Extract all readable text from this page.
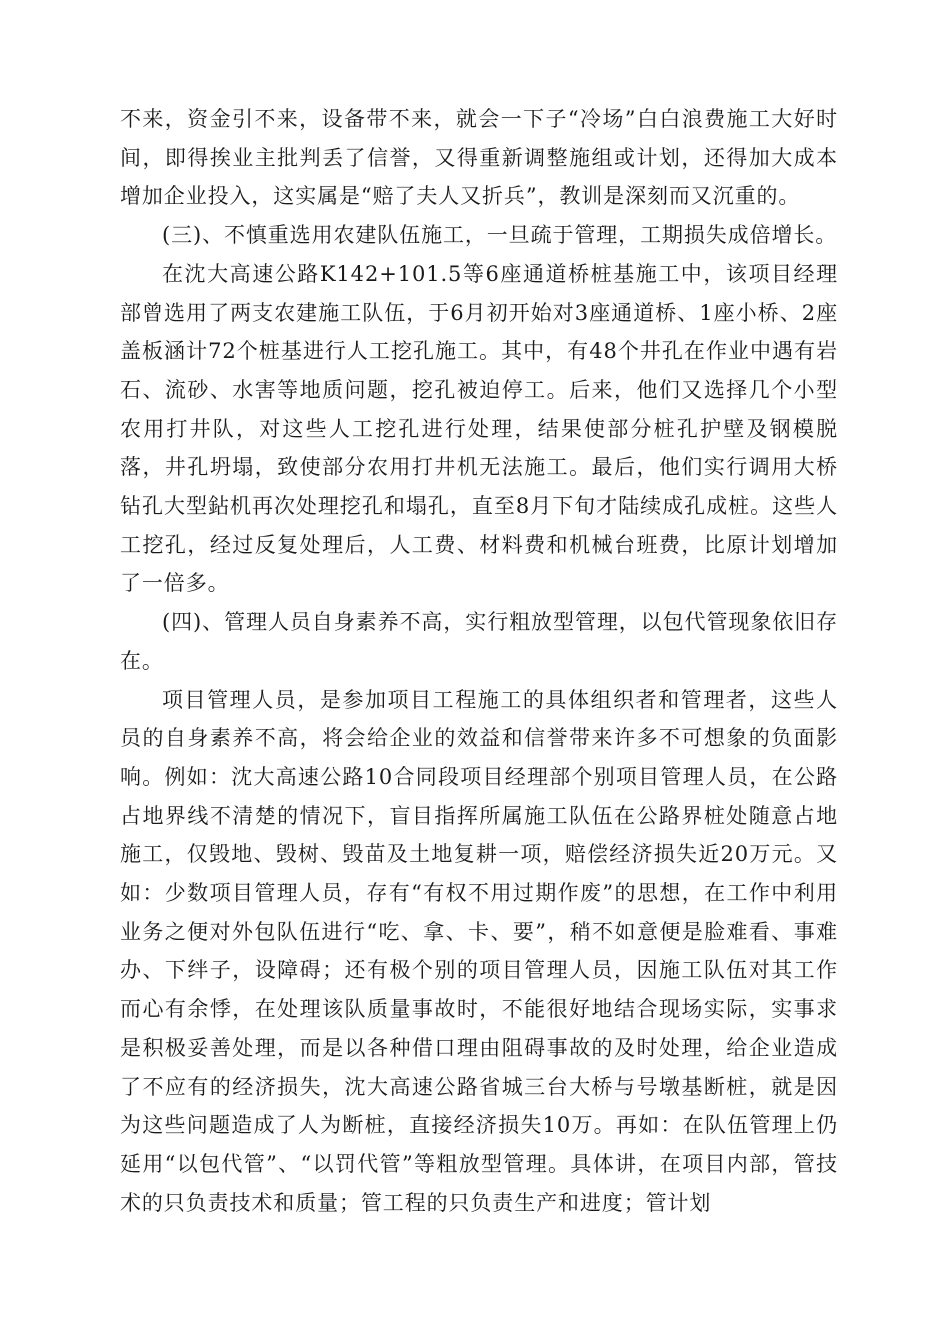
不来，资金引不来，设备带不来，就会一下子“冷场”白白浪费施工大好时间，即得挨业主批判丢了信誉，又得重新调整施组或计划，还得加大成本增加企业投入，这实属是“赔了夫人又折兵”，教训是深刻而又沉重的。

(三)、不慎重选用农建队伍施工，一旦疏于管理，工期损失成倍增长。

在沈大高速公路K142+101.5等6座通道桥桩基施工中，该项目经理部曾选用了两支农建施工队伍，于6月初开始对3座通道桥、1座小桥、2座盖板涵计72个桩基进行人工挖孔施工。其中，有48个井孔在作业中遇有岩石、流砂、水害等地质问题，挖孔被迫停工。后来，他们又选择几个小型农用打井队，对这些人工挖孔进行处理，结果使部分桩孔护壁及钢模脱落，井孔坍塌，致使部分农用打井机无法施工。最后，他们实行调用大桥钻孔大型鉆机再次处理挖孔和塌孔，直至8月下旬才陆续成孔成桩。这些人工挖孔，经过反复处理后，人工费、材料费和机械台班费，比原计划增加了一倍多。

(四)、管理人员自身素养不高，实行粗放型管理，以包代管现象依旧存在。

项目管理人员，是参加项目工程施工的具体组织者和管理者，这些人员的自身素养不高，将会给企业的效益和信誉带来许多不可想象的负面影响。例如：沈大高速公路10合同段项目经理部个别项目管理人员，在公路占地界线不清楚的情况下，盲目指挥所属施工队伍在公路界桩处随意占地施工，仅毁地、毁树、毁苗及土地复耕一项，赔偿经济损失近20万元。又如：少数项目管理人员，存有“有权不用过期作废”的思想，在工作中利用业务之便对外包队伍进行“吃、拿、卡、要”，稍不如意便是脸难看、事难办、下绊子，设障碍；还有极个别的项目管理人员，因施工队伍对其工作而心有余悸，在处理该队质量事故时，不能很好地结合现场实际，实事求是积极妥善处理，而是以各种借口理由阻碍事故的及时处理，给企业造成了不应有的经济损失，沈大高速公路省城三台大桥与号墩基断桩，就是因为这些问题造成了人为断桩，直接经济损失10万。再如：在队伍管理上仍延用“以包代管”、“以罚代管”等粗放型管理。具体讲，在项目内部，管技术的只负责技术和质量；管工程的只负责生产和进度；管计划
